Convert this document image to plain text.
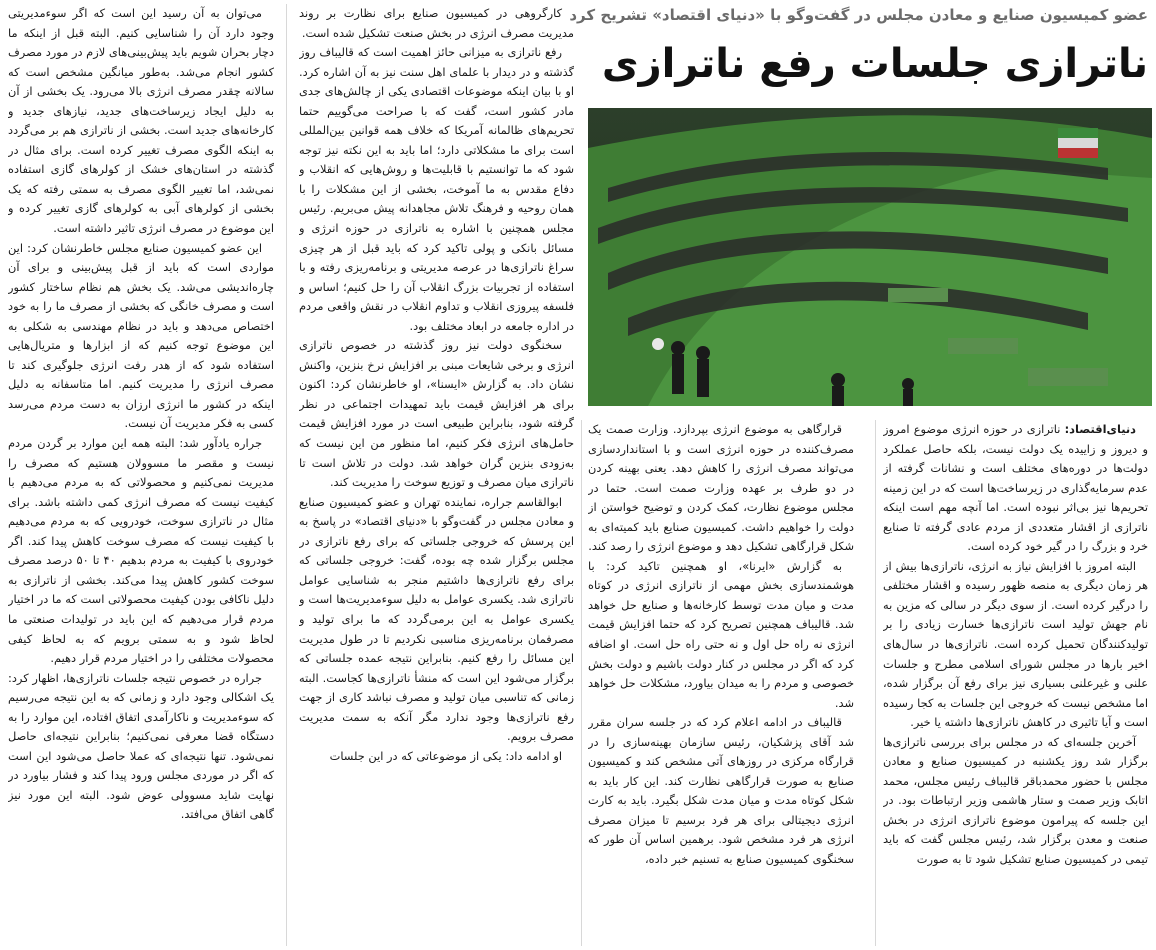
عضو کمیسیون صنایع و معادن مجلس در گفت‌وگو با «دنیای اقتصاد» تشریح کرد
ناترازی جلسات رفع ناترازی

دنیای‌اقتصاد: ناترازی در حوزه انرژی موضوع امروز و دیروز و زاییده یک دولت نیست، بلکه حاصل عملکرد دولت‌ها در دوره‌های مختلف است و نشانات گرفته از عدم سرمایه‌گذاری در زیرساخت‌ها است که در این زمینه تحریم‌ها نیز بی‌اثر نبوده است. اما آنچه مهم است اینکه ناترازی از اقشار متعددی از مردم عادی گرفته تا صنایع خرد و بزرگ را در گیر خود کرده است.

البته امروز با افزایش نیاز به انرژی، ناترازی‌ها بیش از هر زمان دیگری به منصه ظهور رسیده و اقشار مختلفی را درگیر کرده است. از سوی دیگر در سالی که مزین به نام جهش تولید است ناترازی‌ها خسارت زیادی را بر تولیدکنندگان تحمیل کرده است. ناترازی‌ها در سال‌های اخیر بارها در مجلس شورای اسلامی مطرح و جلسات علنی و غیرعلنی بسیاری نیز برای رفع آن برگزار شده، اما مشخص نیست که خروجی این جلسات به کجا رسیده است و آیا تاثیری در کاهش ناترازی‌ها داشته یا خیر.

آخرین جلسه‌ای که در مجلس برای بررسی ناترازی‌ها برگزار شد روز یکشنبه در کمیسیون صنایع و معادن مجلس با حضور محمدباقر قالیباف رئیس مجلس، محمد اتابک وزیر صمت و ستار هاشمی وزیر ارتباطات بود. در این جلسه که پیرامون موضوع ناترازی انرژی در بخش صنعت و معدن برگزار شد، رئیس مجلس گفت که باید تیمی در کمیسیون صنایع تشکیل شود تا به صورت

قرارگاهی به موضوع انرژی بپردازد. وزارت صمت یک مصرف‌کننده در حوزه انرژی است و با استانداردسازی می‌تواند مصرف انرژی را کاهش دهد. یعنی بهینه کردن در دو طرف بر عهده وزارت صمت است. حتما در مجلس موضوع نظارت، کمک کردن و توضیح خواستن از دولت را خواهیم داشت. کمیسیون صنایع باید کمیته‌ای به شکل قرارگاهی تشکیل دهد و موضوع انرژی را رصد کند.

به گزارش «ایرنا»، او همچنین تاکید کرد: با هوشمندسازی بخش مهمی از ناترازی انرژی در کوتاه مدت و میان مدت توسط کارخانه‌ها و صنایع حل خواهد شد. قالیباف همچنین تصریح کرد که حتما افزایش قیمت انرژی نه راه حل اول و نه حتی راه حل است. او اضافه کرد که اگر در مجلس در کنار دولت باشیم و دولت بخش خصوصی و مردم را به میدان بیاورد، مشکلات حل خواهد شد.

قالیباف در ادامه اعلام کرد که در جلسه سران مقرر شد آقای پزشکیان، رئیس سازمان بهینه‌سازی را در قرارگاه مرکزی در روزهای آتی مشخص کند و کمیسیون صنایع به صورت قرارگاهی نظارت کند. این کار باید به شکل کوتاه مدت و میان مدت شکل بگیرد. باید به کارت انرژی دیجیتالی برای هر فرد برسیم تا میزان مصرف انرژی هر فرد مشخص شود. برهمین اساس آن طور که سخنگوی کمیسیون صنایع به تسنیم خبر داده،

کارگروهی در کمیسیون صنایع برای نظارت بر روند مدیریت مصرف انرژی در بخش صنعت تشکیل شده است.

رفع ناترازی به میزانی حائز اهمیت است که قالیباف روز گذشته و در دیدار با علمای اهل سنت نیز به آن اشاره کرد. او با بیان اینکه موضوعات اقتصادی یکی از چالش‌های جدی مادر کشور است، گفت که با صراحت می‌گوییم حتما تحریم‌های ظالمانه آمریکا که خلاف همه قوانین بین‌المللی است برای ما مشکلاتی دارد؛ اما باید به این نکته نیز توجه شود که ما توانستیم با قابلیت‌ها و روش‌هایی که انقلاب و دفاع مقدس به ما آموخت، بخشی از این مشکلات را با همان روحیه و فرهنگ تلاش مجاهدانه پیش می‌بریم. رئیس مجلس همچنین با اشاره به ناترازی در حوزه انرژی و مسائل بانکی و پولی تاکید کرد که باید قبل از هر چیزی سراغ ناترازی‌ها در عرصه مدیریتی و برنامه‌ریزی رفته و با استفاده از تجربیات بزرگ انقلاب آن را حل کنیم؛ اساس و فلسفه پیروزی انقلاب و تداوم انقلاب در نقش واقعی مردم در اداره جامعه در ابعاد مختلف بود.

سخنگوی دولت نیز روز گذشته در خصوص ناترازی انرژی و برخی شایعات مبنی بر افزایش نرخ بنزین، واکنش نشان داد. به گزارش «ایسنا»، او خاطرنشان کرد: اکنون برای هر افزایش قیمت باید تمهیدات اجتماعی در نظر گرفته شود، بنابراین طبیعی است در مورد افزایش قیمت حامل‌های انرژی فکر کنیم، اما منظور من این نیست که به‌زودی بنزین گران خواهد شد. دولت در تلاش است تا ناترازی میان مصرف و توزیع سوخت را مدیریت کند.

ابوالقاسم جراره، نماینده تهران و عضو کمیسیون صنایع و معادن مجلس در گفت‌وگو با «دنیای اقتصاد» در پاسخ به این پرسش که خروجی جلساتی که برای رفع ناترازی در مجلس برگزار شده چه بوده، گفت: خروجی جلساتی که برای رفع ناترازی‌ها داشتیم منجر به شناسایی عوامل ناترازی شد. یکسری عوامل به دلیل سوءمدیریت‌ها است و یکسری عوامل به این برمی‌گردد که ما برای تولید و مصرفمان برنامه‌ریزی مناسبی نکردیم تا در طول مدیریت این مسائل را رفع کنیم. بنابراین نتیجه عمده جلساتی که برگزار می‌شود این است که منشأ ناترازی‌ها کجاست. البته زمانی که تناسبی میان تولید و مصرف نباشد کاری از جهت رفع ناترازی‌ها وجود ندارد مگر آنکه به سمت مدیریت مصرف برویم.

او ادامه داد: یکی از موضوعاتی که در این جلسات

می‌توان به آن رسید این است که اگر سوءمدیریتی وجود دارد آن را شناسایی کنیم. البته قبل از اینکه ما دچار بحران شویم باید پیش‌بینی‌های لازم در مورد مصرف کشور انجام می‌شد. به‌طور میانگین مشخص است که سالانه چقدر مصرف انرژی بالا می‌رود. یک بخشی از آن به دلیل ایجاد زیرساخت‌های جدید، نیازهای جدید و کارخانه‌های جدید است. بخشی از ناترازی هم بر می‌گردد به اینکه الگوی مصرف تغییر کرده است. برای مثال در گذشته در استان‌های خشک از کولرهای گازی استفاده نمی‌شد، اما تغییر الگوی مصرف به سمتی رفته که یک بخشی از کولرهای آبی به کولرهای گازی تغییر کرده و این موضوع در مصرف انرژی تاثیر داشته است.

این عضو کمیسیون صنایع مجلس خاطرنشان کرد: این مواردی است که باید از قبل پیش‌بینی و برای آن چاره‌اندیشی می‌شد. یک بخش هم نظام ساختار کشور است و مصرف خانگی که بخشی از مصرف ما را به خود اختصاص می‌دهد و باید در نظام مهندسی به شکلی به این موضوع توجه کنیم که از ابزارها و متریال‌هایی استفاده شود که از هدر رفت انرژی جلوگیری کند تا مصرف انرژی را مدیریت کنیم. اما متاسفانه به دلیل اینکه در کشور ما انرژی ارزان به دست مردم می‌رسد کسی به فکر مدیریت آن نیست.

جراره یادآور شد: البته همه این موارد بر گردن مردم نیست و مقصر ما مسوولان هستیم که مصرف را مدیریت نمی‌کنیم و محصولاتی که به مردم می‌دهیم با کیفیت نیست که مصرف انرژی کمی داشته باشد. برای مثال در ناترازی سوخت، خودرویی که به مردم می‌دهیم با کیفیت نیست که مصرف سوخت کاهش پیدا کند. اگر خودروی با کیفیت به مردم بدهیم ۴۰ تا ۵۰ درصد مصرف سوخت کشور کاهش پیدا می‌کند. بخشی از ناترازی به دلیل نا‌کافی بودن کیفیت محصولاتی است که ما در اختیار مردم قرار می‌دهیم که این باید در تولیدات صنعتی ما لحاظ شود و به سمتی برویم که به لحاظ کیفی محصولات مختلفی را در اختیار مردم قرار دهیم.

جراره در خصوص نتیجه جلسات ناترازی‌ها، اظهار کرد: یک اشکالی وجود دارد و زمانی که به این نتیجه می‌رسیم که سوءمدیریت و ناکارآمدی اتفاق افتاده، این موارد را به دستگاه قضا معرفی نمی‌کنیم؛ بنابراین نتیجه‌ای حاصل نمی‌شود. تنها نتیجه‌ای که عملا حاصل می‌شود این است که اگر در موردی مجلس ورود پیدا کند و فشار بیاورد در نهایت شاید مسوولی عوض شود. البته این مورد نیز گاهی اتفاق می‌افتد.
